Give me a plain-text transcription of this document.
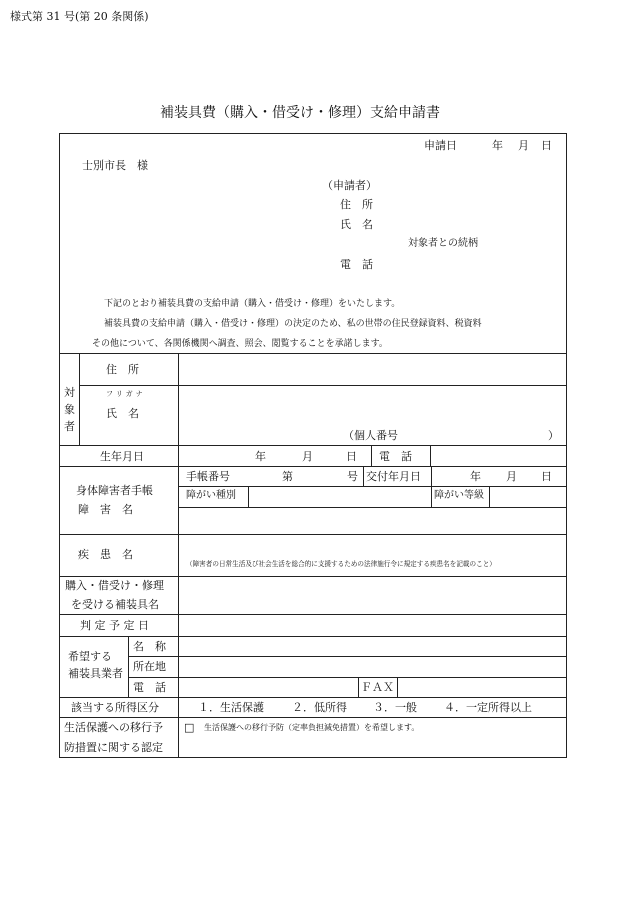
様式第 31 号(第 20 条関係)
補装具費（購入・借受け・修理）支給申請書
申請日	年 月 日
士別市長　様
（申請者）
住　所
氏　名
対象者との続柄
電　話
下記のとおり補装具費の支給申請（購入・借受け・修理）をいたします。
補装具費の支給申請（購入・借受け・修理）の決定のため、私の世帯の住民登録資料、税資料
その他について、各関係機関へ調査、照会、閲覧することを承諾します。
対象者
住　所
フリガナ
氏　名
（個人番号	）
生年月日	年	月	日 電　話
身体障害者手帳
障　害　名
手帳番号	第	号 交付年月日	年 月 日
障がい種別	障がい等級
疾　患　名
（障害者の日常生活及び社会生活を総合的に支援するための法律施行令に規定する疾患名を記載のこと）
購入・借受け・修理
を受ける補装具名
判 定 予 定 日
希望する
補装具業者
名　称
所在地
電　話	ＦＡＸ
該当する所得区分	１．生活保護	２．低所得 ３．一般 ４．一定所得以上
生活保護への移行予
防措置に関する認定
□ 生活保護への移行予防（定率負担減免措置）を希望します。
